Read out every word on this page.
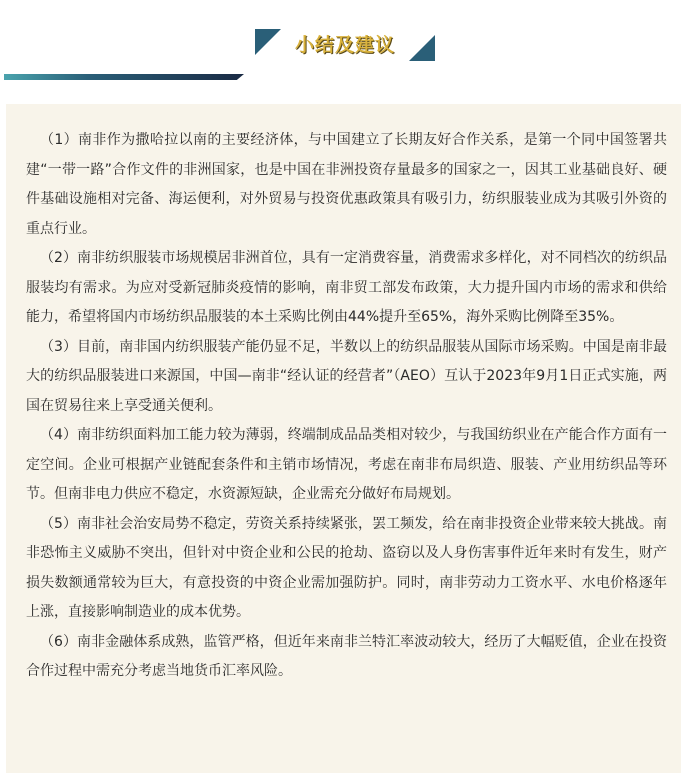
小结及建议

（1）南非作为撒哈拉以南的主要经济体，与中国建立了长期友好合作关系，是第一个同中国签署共建“一带一路”合作文件的非洲国家，也是中国在非洲投资存量最多的国家之一，因其工业基础良好、硬件基础设施相对完备、海运便利，对外贸易与投资优惠政策具有吸引力，纺织服装业成为其吸引外资的重点行业。

（2）南非纺织服装市场规模居非洲首位，具有一定消费容量，消费需求多样化，对不同档次的纺织品服装均有需求。为应对受新冠肺炎疫情的影响，南非贸工部发布政策，大力提升国内市场的需求和供给能力，希望将国内市场纺织品服装的本土采购比例由44%提升至65%，海外采购比例降至35%。

（3）目前，南非国内纺织服装产能仍显不足，半数以上的纺织品服装从国际市场采购。中国是南非最大的纺织品服装进口来源国，中国—南非“经认证的经营者”（AEO）互认于2023年9月1日正式实施，两国在贸易往来上享受通关便利。

（4）南非纺织面料加工能力较为薄弱，终端制成品品类相对较少，与我国纺织业在产能合作方面有一定空间。企业可根据产业链配套条件和主销市场情况，考虑在南非布局织造、服装、产业用纺织品等环节。但南非电力供应不稳定，水资源短缺，企业需充分做好布局规划。

（5）南非社会治安局势不稳定，劳资关系持续紧张，罢工频发，给在南非投资企业带来较大挑战。南非恐怖主义威胁不突出，但针对中资企业和公民的抢劫、盗窃以及人身伤害事件近年来时有发生，财产损失数额通常较为巨大，有意投资的中资企业需加强防护。同时，南非劳动力工资水平、水电价格逐年上涨，直接影响制造业的成本优势。

（6）南非金融体系成熟，监管严格，但近年来南非兰特汇率波动较大，经历了大幅贬值，企业在投资合作过程中需充分考虑当地货币汇率风险。
